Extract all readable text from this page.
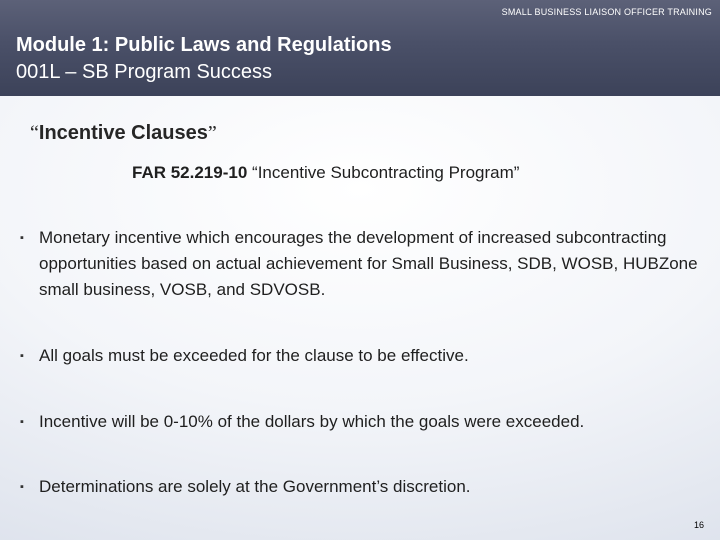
SMALL BUSINESS LIAISON OFFICER TRAINING
Module 1: Public Laws and Regulations
001L – SB Program Success
“Incentive Clauses”
FAR 52.219-10 “Incentive Subcontracting Program”
▪ Monetary incentive which encourages the development of increased subcontracting opportunities based on actual achievement for Small Business, SDB, WOSB, HUBZone small business, VOSB, and SDVOSB.
▪ All goals must be exceeded for the clause to be effective.
▪ Incentive will be 0-10% of the dollars by which the goals were exceeded.
▪ Determinations are solely at the Government’s discretion.
16
